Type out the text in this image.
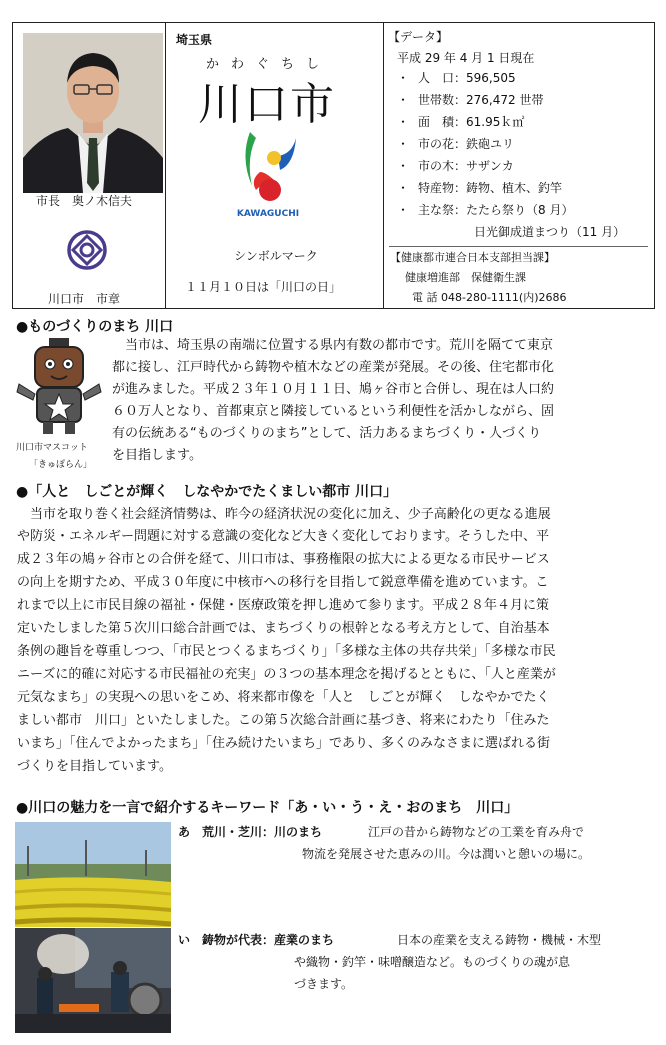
市長　奥ノ木信夫
川口市　市章
埼玉県
かわぐちし
川口市
KAWAGUCHI
シンボルマーク
１１月１０日は「川口の日」
【データ】
平成 29 年 4 月 1 日現在
・ 人　口：596,505
・ 世帯数：276,472 世帯
・ 面　積：61.95ｋ㎡
・ 市の花：鉄砲ユリ
・ 市の木：サザンカ
・ 特産物：鋳物、植木、釣竿
・ 主な祭：たたら祭り（8 月）
日光御成道まつり（11 月）
【健康都市連合日本支部担当課】
健康増進部　保健衛生課
電 話 048-280-1111(内)2686
●ものづくりのまち 川口
川口市マスコット
「きゅぽらん」
当市は、埼玉県の南端に位置する県内有数の都市です。荒川を隔てて東京
都に接し、江戸時代から鋳物や植木などの産業が発展。その後、住宅都市化
が進みました。平成２３年１０月１１日、鳩ヶ谷市と合併し、現在は人口約
６０万人となり、首都東京と隣接しているという利便性を活かしながら、固
有の伝統ある“ものづくりのまち”として、活力あるまちづくり・人づくり
を目指します。
●「人と　しごとが輝く　しなやかでたくましい都市 川口」
当市を取り巻く社会経済情勢は、昨今の経済状況の変化に加え、少子高齢化の更なる進展
や防災・エネルギー問題に対する意識の変化など大きく変化しております。そうした中、平
成２３年の鳩ヶ谷市との合併を経て、川口市は、事務権限の拡大による更なる市民サービス
の向上を期すため、平成３０年度に中核市への移行を目指して鋭意準備を進めています。こ
れまで以上に市民目線の福祉・保健・医療政策を押し進めて参ります。平成２８年４月に策
定いたしました第５次川口総合計画では、まちづくりの根幹となる考え方として、自治基本
条例の趣旨を尊重しつつ、「市民とつくるまちづくり」「多様な主体の共存共栄」「多様な市民
ニーズに的確に対応する市民福祉の充実」の３つの基本理念を掲げるとともに、「人と産業が
元気なまち」の実現への思いをこめ、将来都市像を「人と　しごとが輝く　しなやかでたく
ましい都市　川口」といたしました。この第５次総合計画に基づき、将来にわたり「住みた
いまち」「住んでよかったまち」「住み続けたいまち」であり、多くのみなさまに選ばれる街
づくりを目指しています。
●川口の魅力を一言で紹介するキーワード「あ・い・う・え・おのまち　川口」
あ　荒川・芝川：川のまち	江戸の昔から鋳物などの工業を育み舟で
物流を発展させた恵みの川。今は潤いと憩いの場に。
い　鋳物が代表：産業のまち	日本の産業を支える鋳物・機械・木型
や織物・釣竿・味噌醸造など。ものづくりの魂が息
づきます。
